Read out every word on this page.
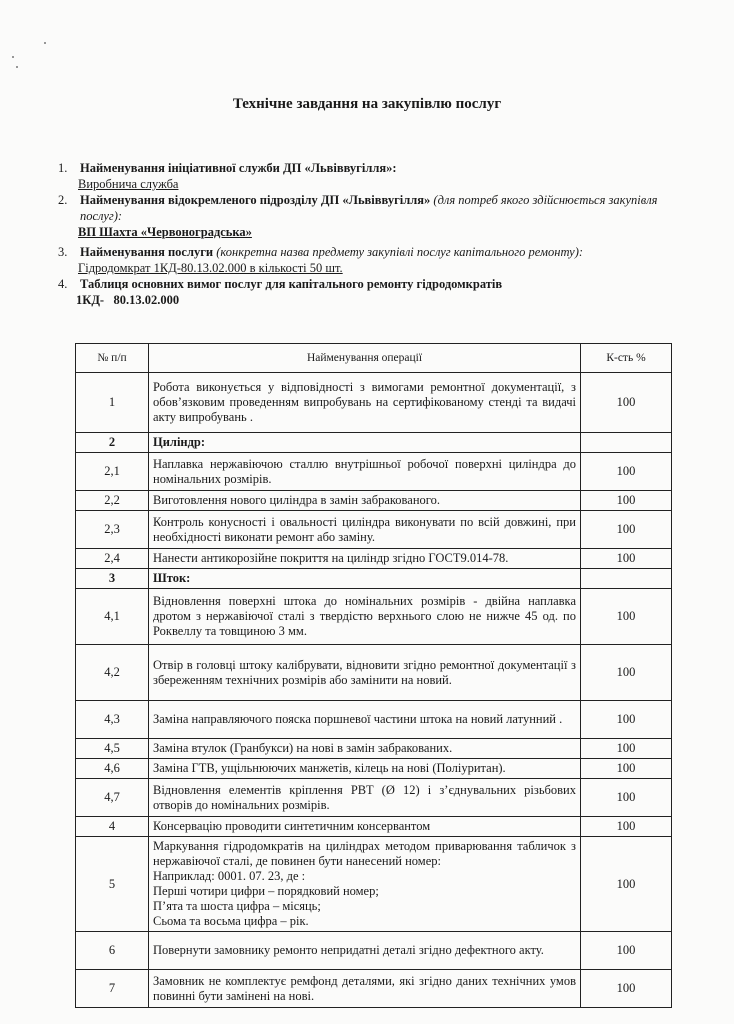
Технічне завдання на закупівлю послуг
1.	Найменування ініціативної служби ДП «Львіввугілля»:
Виробнича служба
2.	Найменування відокремленого підрозділу ДП «Львіввугілля» (для потреб якого здійснюється закупівля послуг):
ВП Шахта «Червоноградська»
3.	Найменування послуги (конкретна назва предмету закупівлі послуг капітального ремонту):
Гідродомкрат 1КД-80.13.02.000 в кількості 50 шт.
4.	Таблиця основних вимог послуг для капітального ремонту гідродомкратів
1КД-   80.13.02.000
№ п/п	Найменування операції	К-сть %
1	Робота виконується у відповідності з вимогами ремонтної документації, з обов’язковим проведенням випробувань на сертифікованому стенді та видачі акту випробувань .	100
2	Циліндр:	
2,1	Наплавка нержавіючою сталлю внутрішньої робочої поверхні циліндра до номінальних розмірів.	100
2,2	Виготовлення нового циліндра в замін забракованого.	100
2,3	Контроль конусності і овальності циліндра виконувати по всій довжині, при необхідності виконати ремонт або заміну.	100
2,4	Нанести антикорозійне покриття на циліндр згідно ГОСТ9.014-78.	100
3	Шток:	
4,1	Відновлення поверхні штока до номінальних розмірів - двійна наплавка дротом з нержавіючої сталі з твердістю верхнього слою не нижче 45 од. по Роквеллу та товщиною 3 мм.	100
4,2	Отвір в головці штоку калібрувати, відновити згідно ремонтної документації з збереженням технічних розмірів або замінити на новий.	100
4,3	Заміна направляючого пояска поршневої частини штока на новий латунний .	100
4,5	Заміна втулок (Гранбукси) на нові в замін забракованих.	100
4,6	Заміна ГТВ, ущільнюючих манжетів, кілець на нові (Поліуритан).	100
4,7	Відновлення елементів кріплення РВТ (Ø 12) і з’єднувальних різьбових отворів до номінальних розмірів.	100
4	Консервацію проводити синтетичним консервантом	100
5	Маркування гідродомкратів на циліндрах методом приварювання табличок з нержавіючої сталі, де повинен бути нанесений номер:
Наприклад: 0001. 07. 23, де :
Перші чотири цифри – порядковий номер;
П’ята та шоста цифра – місяць;
Сьома та восьма цифра – рік.	100
6	Повернути замовнику ремонто непридатні деталі згідно дефектного акту.	100
7	Замовник не комплектує ремфонд деталями, які згідно даних технічних умов повинні бути замінені на нові.	100
